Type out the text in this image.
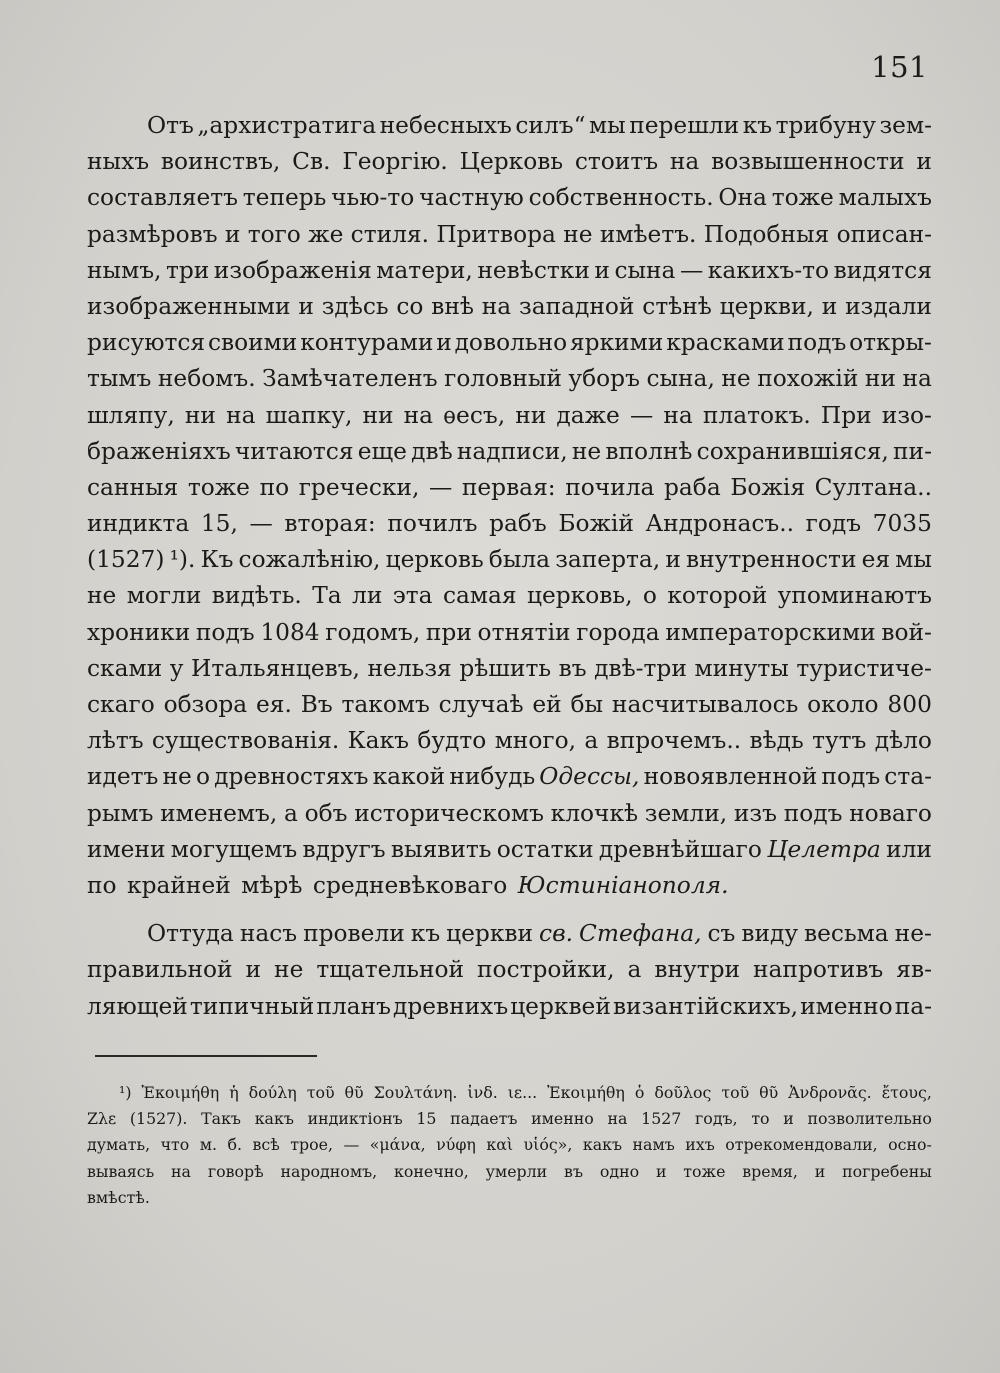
151
Отъ „архистратига небесныхъ силъ“ мы перешли къ трибуну зем-
ныхъ воинствъ, Св. Георгію. Церковь стоитъ на возвышенности и
составляетъ теперь чью-то частную собственность. Она тоже малыхъ
размѣровъ и того же стиля. Притвора не имѣетъ. Подобныя описан-
нымъ, три изображенія матери, невѣстки и сына — какихъ-то видятся
изображенными и здѣсь со внѣ на западной стѣнѣ церкви, и издали
рисуются своими контурами и довольно яркими красками подъ откры-
тымъ небомъ. Замѣчателенъ головный уборъ сына, не похожій ни на
шляпу, ни на шапку, ни на ѳесъ, ни даже — на платокъ. При изо-
браженіяхъ читаются еще двѣ надписи, не вполнѣ сохранившіяся, пи-
санныя тоже по гречески, — первая: почила раба Божія Султана..
индикта 15, — вторая: почилъ рабъ Божій Андронасъ.. годъ 7035
(1527) ¹). Къ сожалѣнію, церковь была заперта, и внутренности ея мы
не могли видѣть. Та ли эта самая церковь, о которой упоминаютъ
хроники подъ 1084 годомъ, при отнятіи города императорскими вой-
сками у Итальянцевъ, нельзя рѣшить въ двѣ-три минуты туристиче-
скаго обзора ея. Въ такомъ случаѣ ей бы насчитывалось около 800
лѣтъ существованія. Какъ будто много, а впрочемъ.. вѣдь тутъ дѣло
идетъ не о древностяхъ какой нибудь Одессы, новоявленной подъ ста-
рымъ именемъ, а объ историческомъ клочкѣ земли, изъ подъ новаго
имени могущемъ вдругъ выявить остатки древнѣйшаго Целетра или
по крайней мѣрѣ средневѣковаго Юстиніанополя.
Оттуда насъ провели къ церкви св. Стефана, съ виду весьма не-
правильной и не тщательной постройки, а внутри напротивъ яв-
ляющей типичный планъ древнихъ церквей византійскихъ, именно па-
¹) Ἐκοιμήθη ἡ δούλη τοῦ θῦ Σουλτάνη. ἰνδ. ιε... Ἐκοιμήθη ὁ δοῦλος τοῦ θῦ Ἀνδρονᾶς. ἔτους,
Ζλε (1527). Такъ какъ индиктіонъ 15 падаетъ именно на 1527 годъ, то и позволительно
думать, что м. б. всѣ трое, — «μάνα, νύφη καὶ υἱός», какъ намъ ихъ отрекомендовали, осно-
вываясь на говорѣ народномъ, конечно, умерли въ одно и тоже время, и погребены
вмѣстѣ.
